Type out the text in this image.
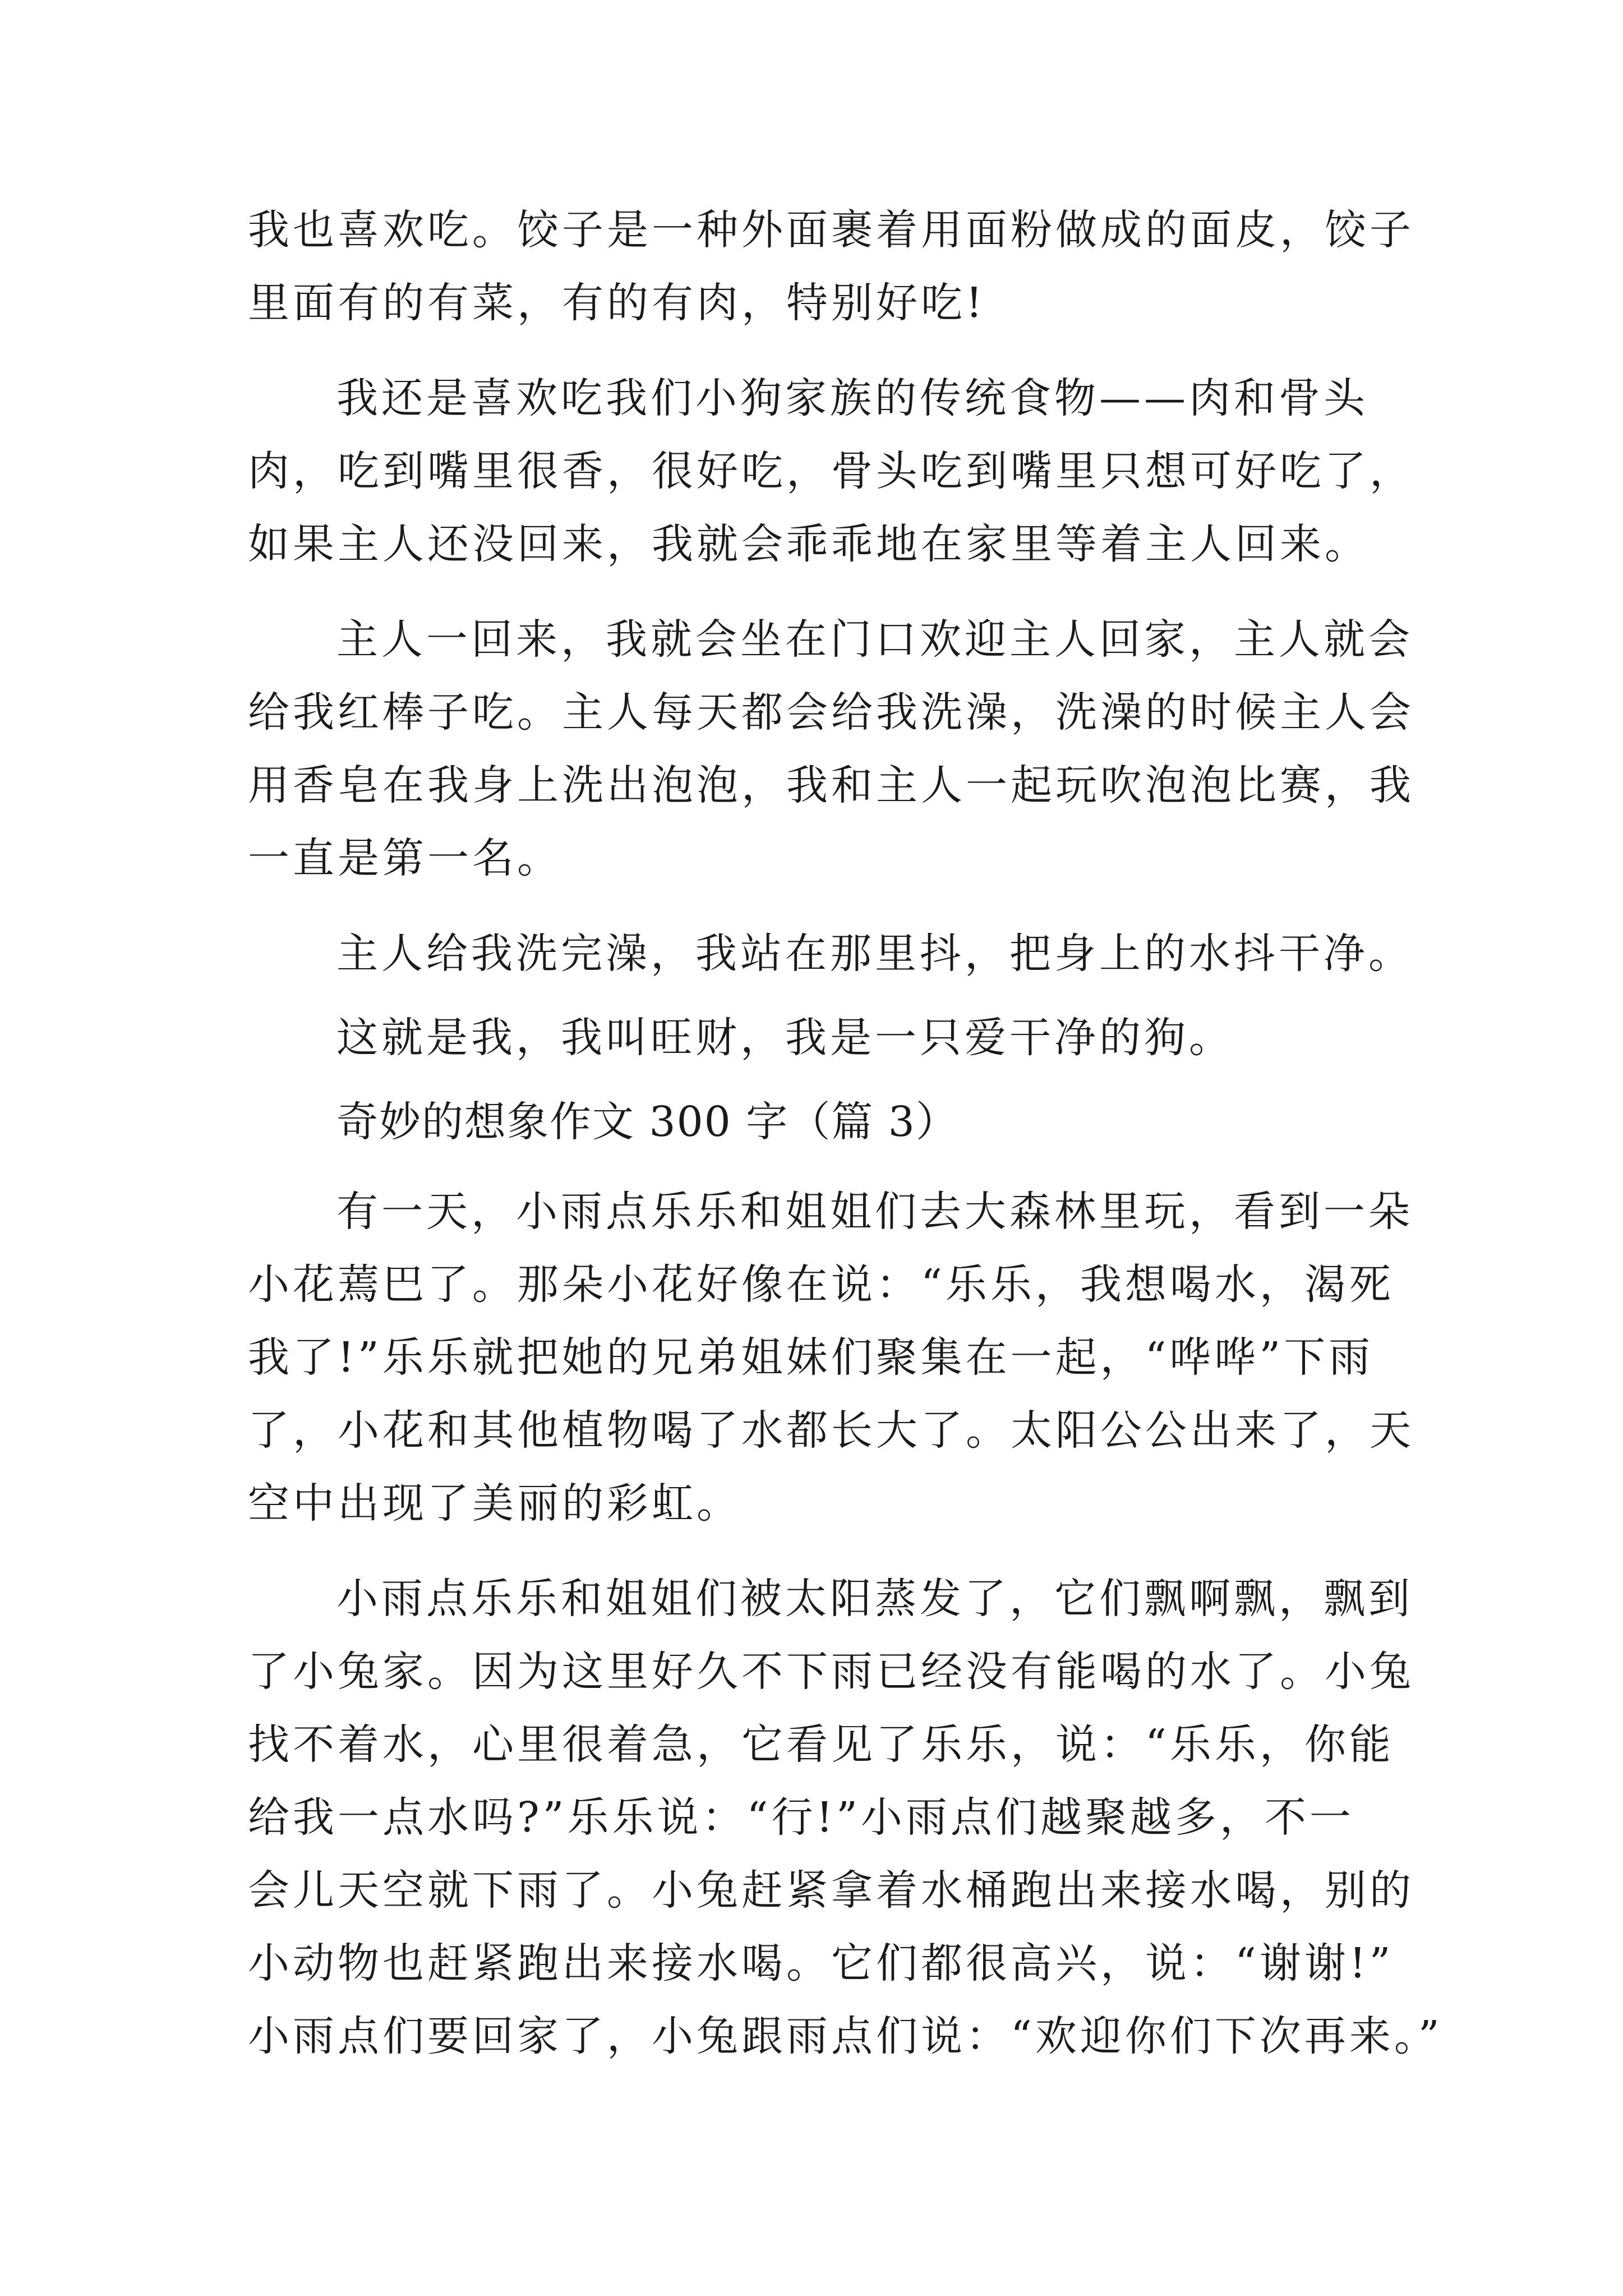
我也喜欢吃。饺子是一种外面裹着用面粉做成的面皮，饺子
里面有的有菜，有的有肉，特别好吃!
我还是喜欢吃我们小狗家族的传统食物——肉和骨头
肉，吃到嘴里很香，很好吃，骨头吃到嘴里只想可好吃了，
如果主人还没回来，我就会乖乖地在家里等着主人回来。
主人一回来，我就会坐在门口欢迎主人回家，主人就会
给我红棒子吃。主人每天都会给我洗澡，洗澡的时候主人会
用香皂在我身上洗出泡泡，我和主人一起玩吹泡泡比赛，我
一直是第一名。
主人给我洗完澡，我站在那里抖，把身上的水抖干净。
这就是我，我叫旺财，我是一只爱干净的狗。
奇妙的想象作文 300 字（篇 3）
有一天，小雨点乐乐和姐姐们去大森林里玩，看到一朵
小花蔫巴了。那朵小花好像在说：“乐乐，我想喝水，渴死
我了!”乐乐就把她的兄弟姐妹们聚集在一起，“哗哗”下雨
了，小花和其他植物喝了水都长大了。太阳公公出来了，天
空中出现了美丽的彩虹。
小雨点乐乐和姐姐们被太阳蒸发了，它们飘啊飘，飘到
了小兔家。因为这里好久不下雨已经没有能喝的水了。小兔
找不着水，心里很着急，它看见了乐乐，说：“乐乐，你能
给我一点水吗?”乐乐说：“行!”小雨点们越聚越多，不一
会儿天空就下雨了。小兔赶紧拿着水桶跑出来接水喝，别的
小动物也赶紧跑出来接水喝。它们都很高兴，说：“谢谢!”
小雨点们要回家了，小兔跟雨点们说：“欢迎你们下次再来。”
